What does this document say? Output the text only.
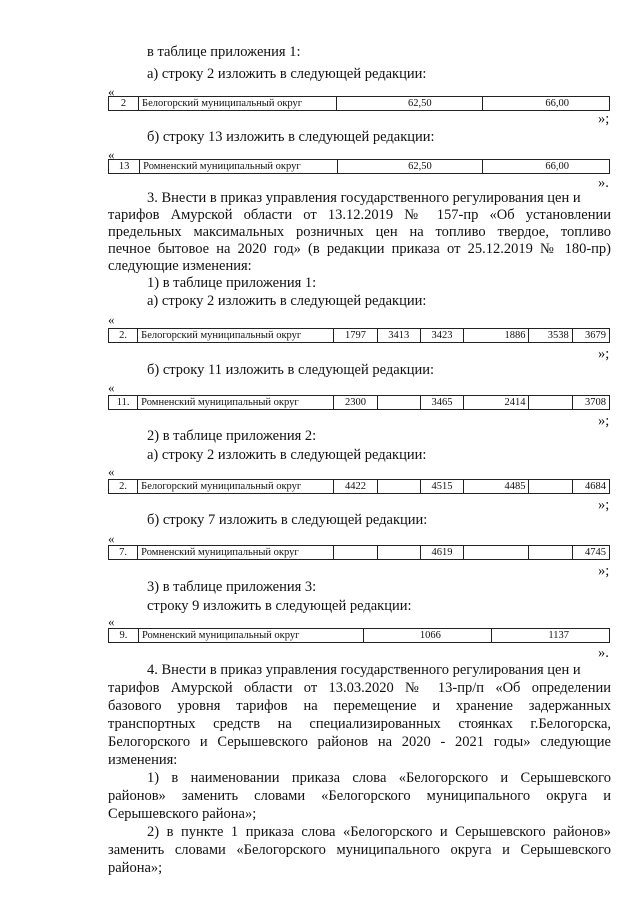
в таблице приложения 1:
а) строку 2 изложить в следующей редакции:
«
2	Белогорский муниципальный округ	62,50	66,00
»;
б) строку 13 изложить в следующей редакции:
«
13	Ромненский муниципальный округ	62,50	66,00
».
3. Внести в приказ управления государственного регулирования цен и
тарифов Амурской области от 13.12.2019 № 157-пр «Об установлении
предельных максимальных розничных цен на топливо твердое, топливо
печное бытовое на 2020 год» (в редакции приказа от 25.12.2019 № 180-пр)
следующие изменения:
1) в таблице приложения 1:
а) строку 2 изложить в следующей редакции:
«
2.	Белогорский муниципальный округ	1797	3413	3423	1886	3538	3679
»;
б) строку 11 изложить в следующей редакции:
«
11.	Ромненский муниципальный округ	2300		3465	2414		3708
»;
2) в таблице приложения 2:
а) строку 2 изложить в следующей редакции:
«
2.	Белогорский муниципальный округ	4422		4515	4485		4684
»;
б) строку 7 изложить в следующей редакции:
«
7.	Ромненский муниципальный округ			4619			4745
»;
3) в таблице приложения 3:
строку 9 изложить в следующей редакции:
«
9.	Ромненский муниципальный округ	1066	1137
».
4. Внести в приказ управления государственного регулирования цен и
тарифов Амурской области от 13.03.2020 № 13-пр/п «Об определении
базового уровня тарифов на перемещение и хранение задержанных
транспортных средств на специализированных стоянках г.Белогорска,
Белогорского и Серышевского районов на 2020 - 2021 годы» следующие
изменения:
1) в наименовании приказа слова «Белогорского и Серышевского
районов» заменить словами «Белогорского муниципального округа и
Серышевского района»;
2) в пункте 1 приказа слова «Белогорского и Серышевского районов»
заменить словами «Белогорского муниципального округа и Серышевского
района»;
